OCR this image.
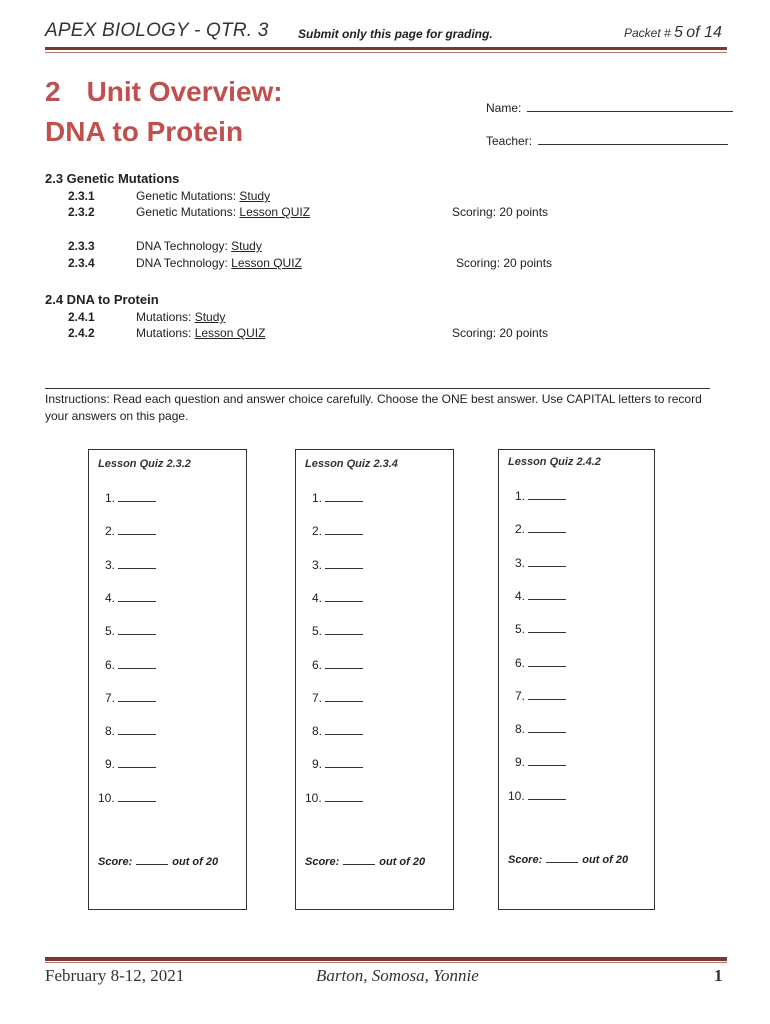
APEX BIOLOGY - QTR. 3 Submit only this page for grading.	Packet # 5 of 14
2 Unit Overview:
DNA to Protein
Name:
Teacher:
2.3 Genetic Mutations
2.3.1	Genetic Mutations: Study
2.3.2	Genetic Mutations: Lesson QUIZ	Scoring: 20 points
2.3.3	DNA Technology: Study
2.3.4	DNA Technology: Lesson QUIZ	Scoring: 20 points
2.4 DNA to Protein
2.4.1	Mutations: Study
2.4.2	Mutations: Lesson QUIZ	Scoring: 20 points
Instructions: Read each question and answer choice carefully. Choose the ONE best answer. Use CAPITAL letters to record your answers on this page.
Lesson Quiz 2.3.2
1.
2.
3.
4.
5.
6.
7.
8.
9.
10.
Score:	out of 20
Lesson Quiz 2.3.4
1.
2.
3.
4.
5.
6.
7.
8.
9.
10.
Score:	out of 20
Lesson Quiz 2.4.2
1.
2.
3.
4.
5.
6.
7.
8.
9.
10.
Score:	out of 20
February 8-12, 2021	Barton, Somosa, Yonnie	1
